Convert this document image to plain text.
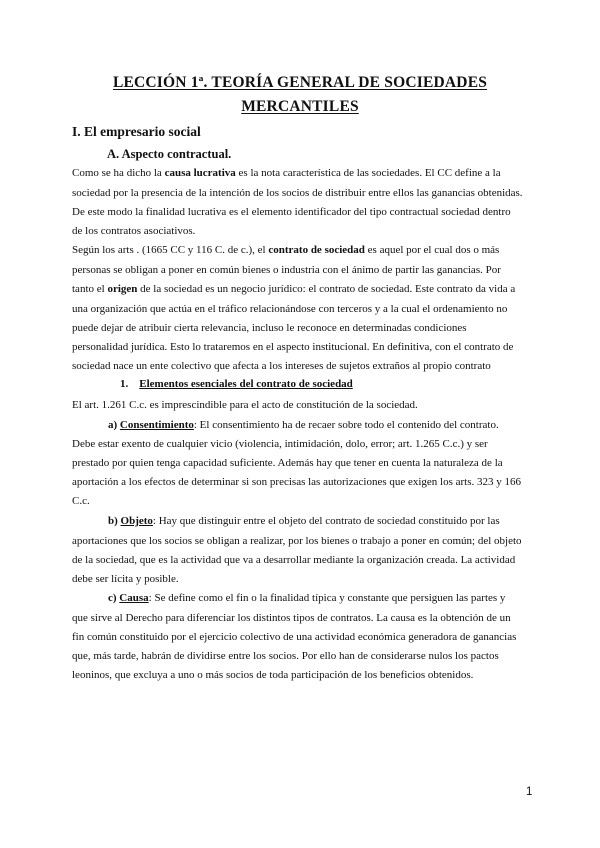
LECCIÓN 1ª. TEORÍA GENERAL DE SOCIEDADES
MERCANTILES
I. El empresario social
A. Aspecto contractual.
Como se ha dicho la causa lucrativa es la nota característica de las sociedades. El CC define a la
sociedad por la presencia de la intención de los socios de distribuir entre ellos las ganancias obtenidas.
De este modo la finalidad lucrativa es el elemento identificador del tipo contractual sociedad dentro
de los contratos asociativos.
Según los arts . (1665 CC y 116 C. de c.), el contrato de sociedad es aquel por el cual dos o más
personas se obligan a poner en común bienes o industria con el ánimo de partir las ganancias. Por
tanto el origen de la sociedad es un negocio jurídico: el contrato de sociedad. Este contrato da vida a
una organización que actúa en el tráfico relacionándose con terceros y a la cual el ordenamiento no
puede dejar de atribuir cierta relevancia, incluso le reconoce en determinadas condiciones
personalidad jurídica. Esto lo trataremos en el aspecto institucional. En definitiva, con el contrato de
sociedad nace un ente colectivo que afecta a los intereses de sujetos extraños al propio contrato
1. Elementos esenciales del contrato de sociedad
El art. 1.261 C.c. es imprescindible para el acto de constitución de la sociedad.
a) Consentimiento: El consentimiento ha de recaer sobre todo el contenido del contrato.
Debe estar exento de cualquier vicio (violencia, intimidación, dolo, error; art. 1.265 C.c.) y ser
prestado por quien tenga capacidad suficiente. Además hay que tener en cuenta la naturaleza de la
aportación a los efectos de determinar si son precisas las autorizaciones que exigen los arts. 323 y 166
C.c.
b) Objeto: Hay que distinguir entre el objeto del contrato de sociedad constituido por las
aportaciones que los socios se obligan a realizar, por los bienes o trabajo a poner en común; del objeto
de la sociedad, que es la actividad que va a desarrollar mediante la organización creada. La actividad
debe ser lícita y posible.
c) Causa: Se define como el fin o la finalidad típica y constante que persiguen las partes y
que sirve al Derecho para diferenciar los distintos tipos de contratos. La causa es la obtención de un
fin común constituido por el ejercicio colectivo de una actividad económica generadora de ganancias
que, más tarde, habrán de dividirse entre los socios. Por ello han de considerarse nulos los pactos
leoninos, que excluya a uno o más socios de toda participación de los beneficios obtenidos.
1
